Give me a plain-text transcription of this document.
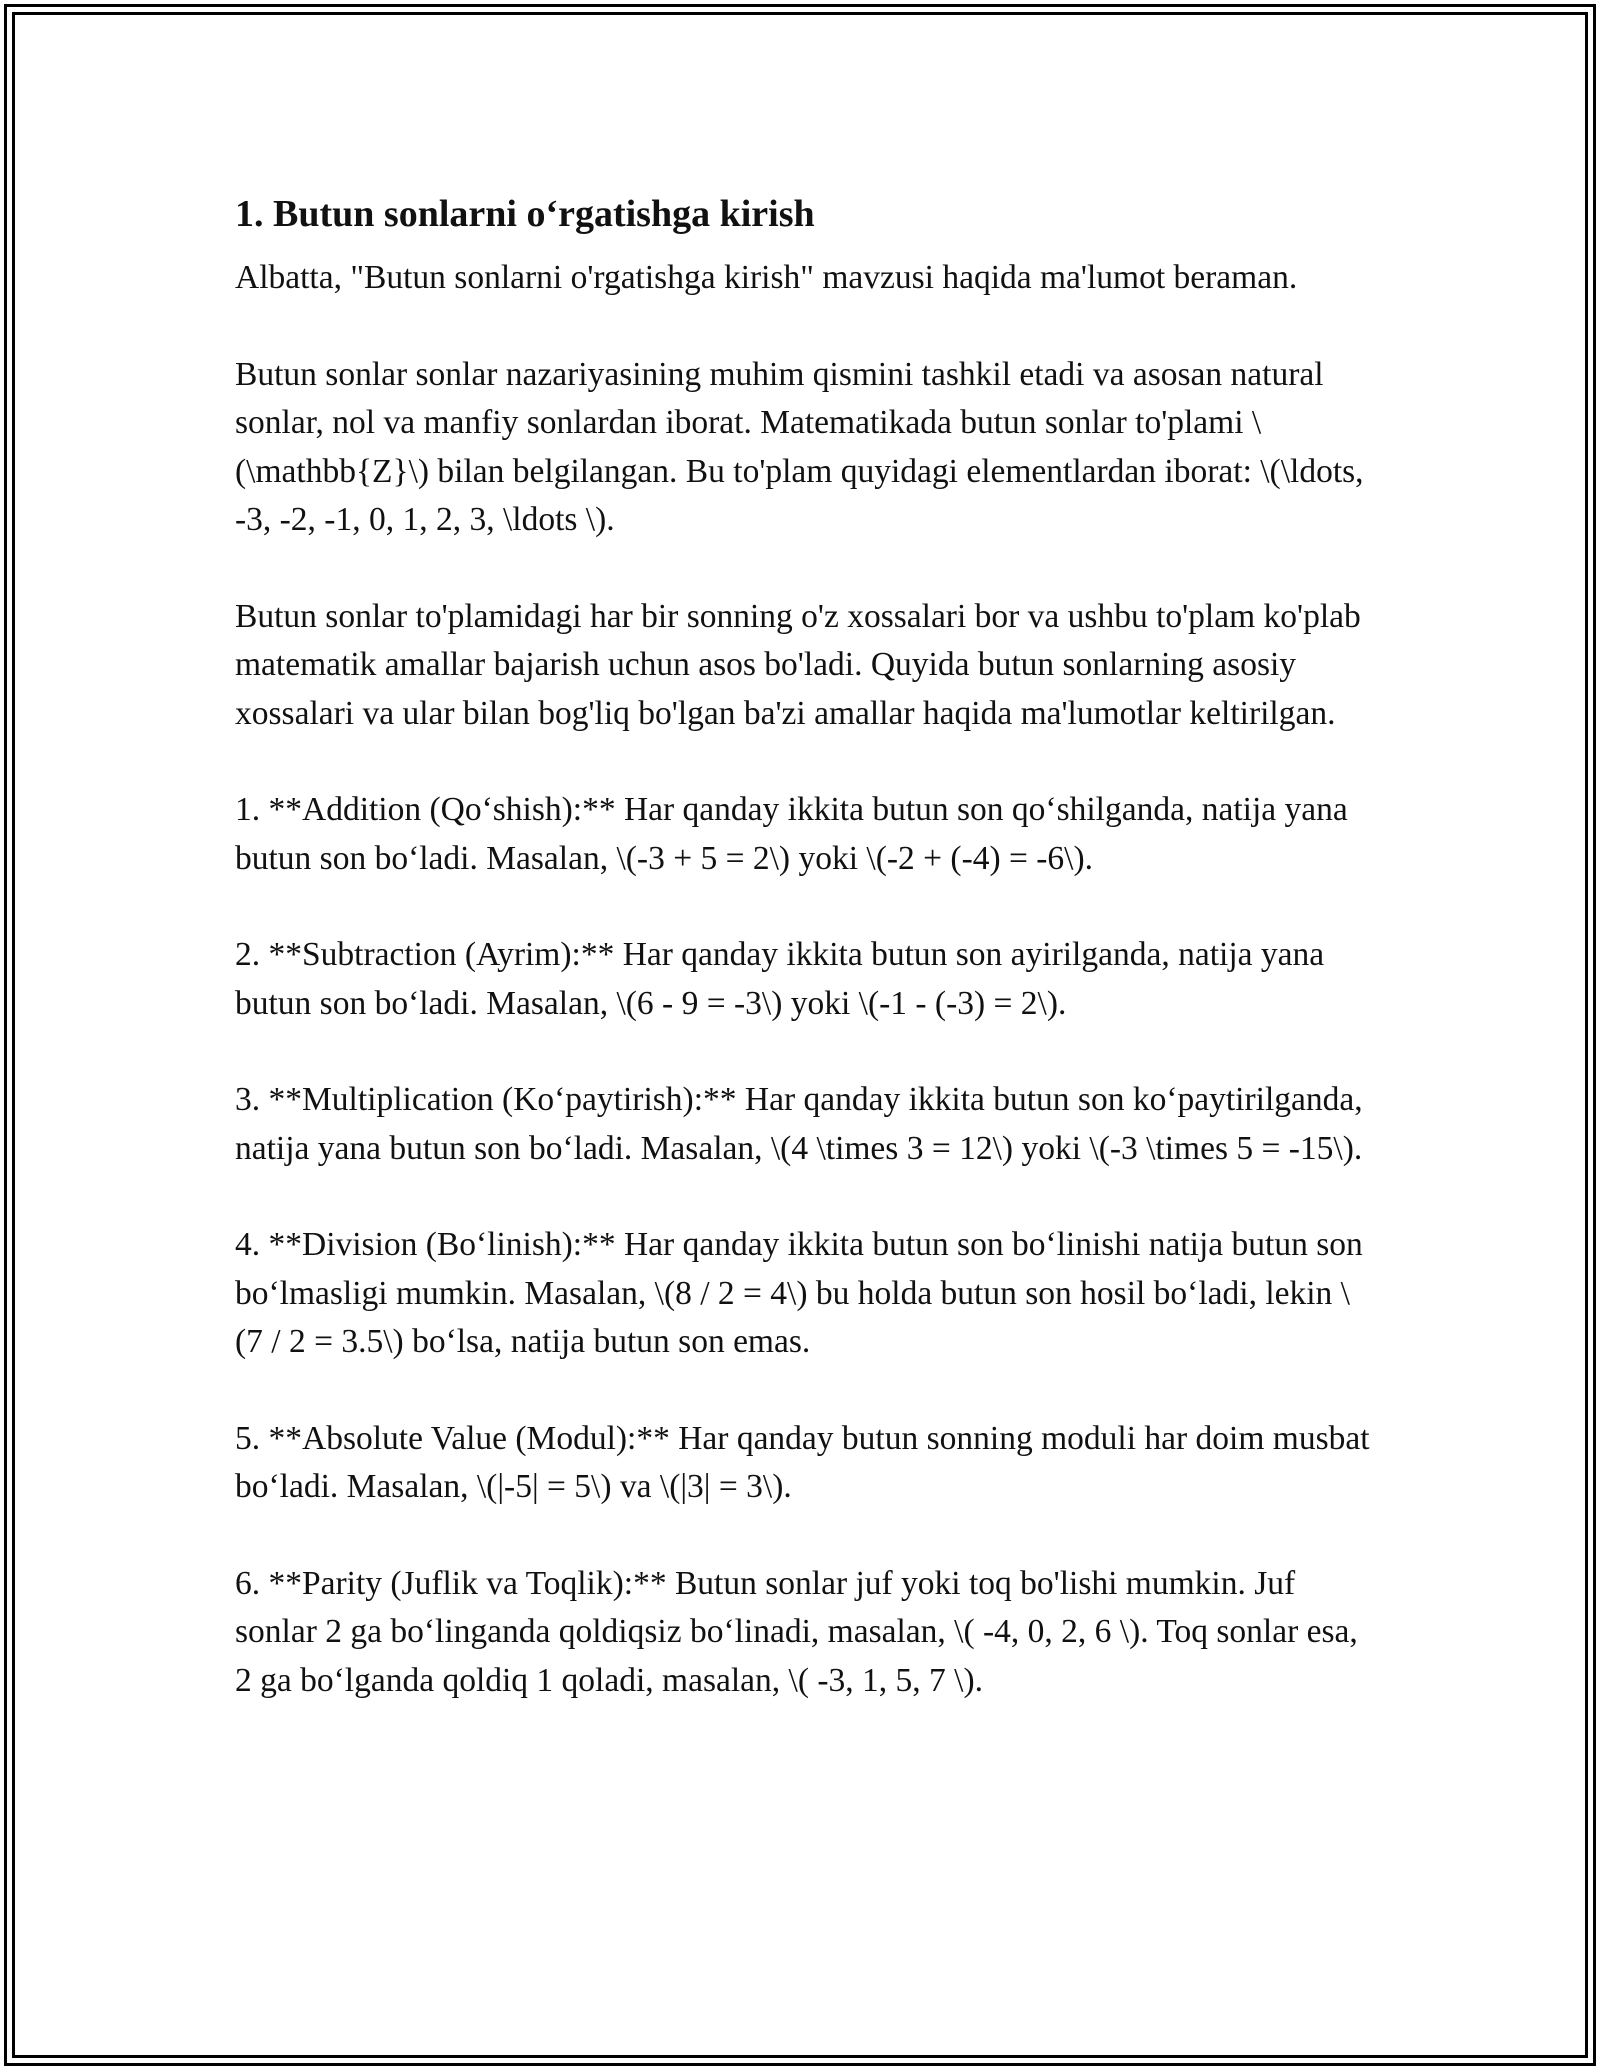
1. Butun sonlarni o‘rgatishga kirish

Albatta, "Butun sonlarni o'rgatishga kirish" mavzusi haqida ma'lumot beraman.

Butun sonlar sonlar nazariyasining muhim qismini tashkil etadi va asosan natural sonlar, nol va manfiy sonlardan iborat. Matematikada butun sonlar to'plami \(\mathbb{Z}\) bilan belgilangan. Bu to'plam quyidagi elementlardan iborat: \(\ldots, -3, -2, -1, 0, 1, 2, 3, \ldots \).

Butun sonlar to'plamidagi har bir sonning o'z xossalari bor va ushbu to'plam ko'plab matematik amallar bajarish uchun asos bo'ladi. Quyida butun sonlarning asosiy xossalari va ular bilan bog'liq bo'lgan ba'zi amallar haqida ma'lumotlar keltirilgan.

1. **Addition (Qo‘shish):** Har qanday ikkita butun son qo‘shilganda, natija yana butun son bo‘ladi. Masalan, \(-3 + 5 = 2\) yoki \(-2 + (-4) = -6\).

2. **Subtraction (Ayrim):** Har qanday ikkita butun son ayirilganda, natija yana butun son bo‘ladi. Masalan, \(6 - 9 = -3\) yoki \(-1 - (-3) = 2\).

3. **Multiplication (Ko‘paytirish):** Har qanday ikkita butun son ko‘paytirilganda, natija yana butun son bo‘ladi. Masalan, \(4 \times 3 = 12\) yoki \(-3 \times 5 = -15\).

4. **Division (Bo‘linish):** Har qanday ikkita butun son bo‘linishi natija butun son bo‘lmasligi mumkin. Masalan, \(8 / 2 = 4\) bu holda butun son hosil bo‘ladi, lekin \(7 / 2 = 3.5\) bo‘lsa, natija butun son emas.

5. **Absolute Value (Modul):** Har qanday butun sonning moduli har doim musbat bo‘ladi. Masalan, \(|-5| = 5\) va \(|3| = 3\).

6. **Parity (Juflik va Toqlik):** Butun sonlar juf yoki toq bo'lishi mumkin. Juf sonlar 2 ga bo‘linganda qoldiqsiz bo‘linadi, masalan, \( -4, 0, 2, 6 \). Toq sonlar esa, 2 ga bo‘lganda qoldiq 1 qoladi, masalan, \( -3, 1, 5, 7 \).
